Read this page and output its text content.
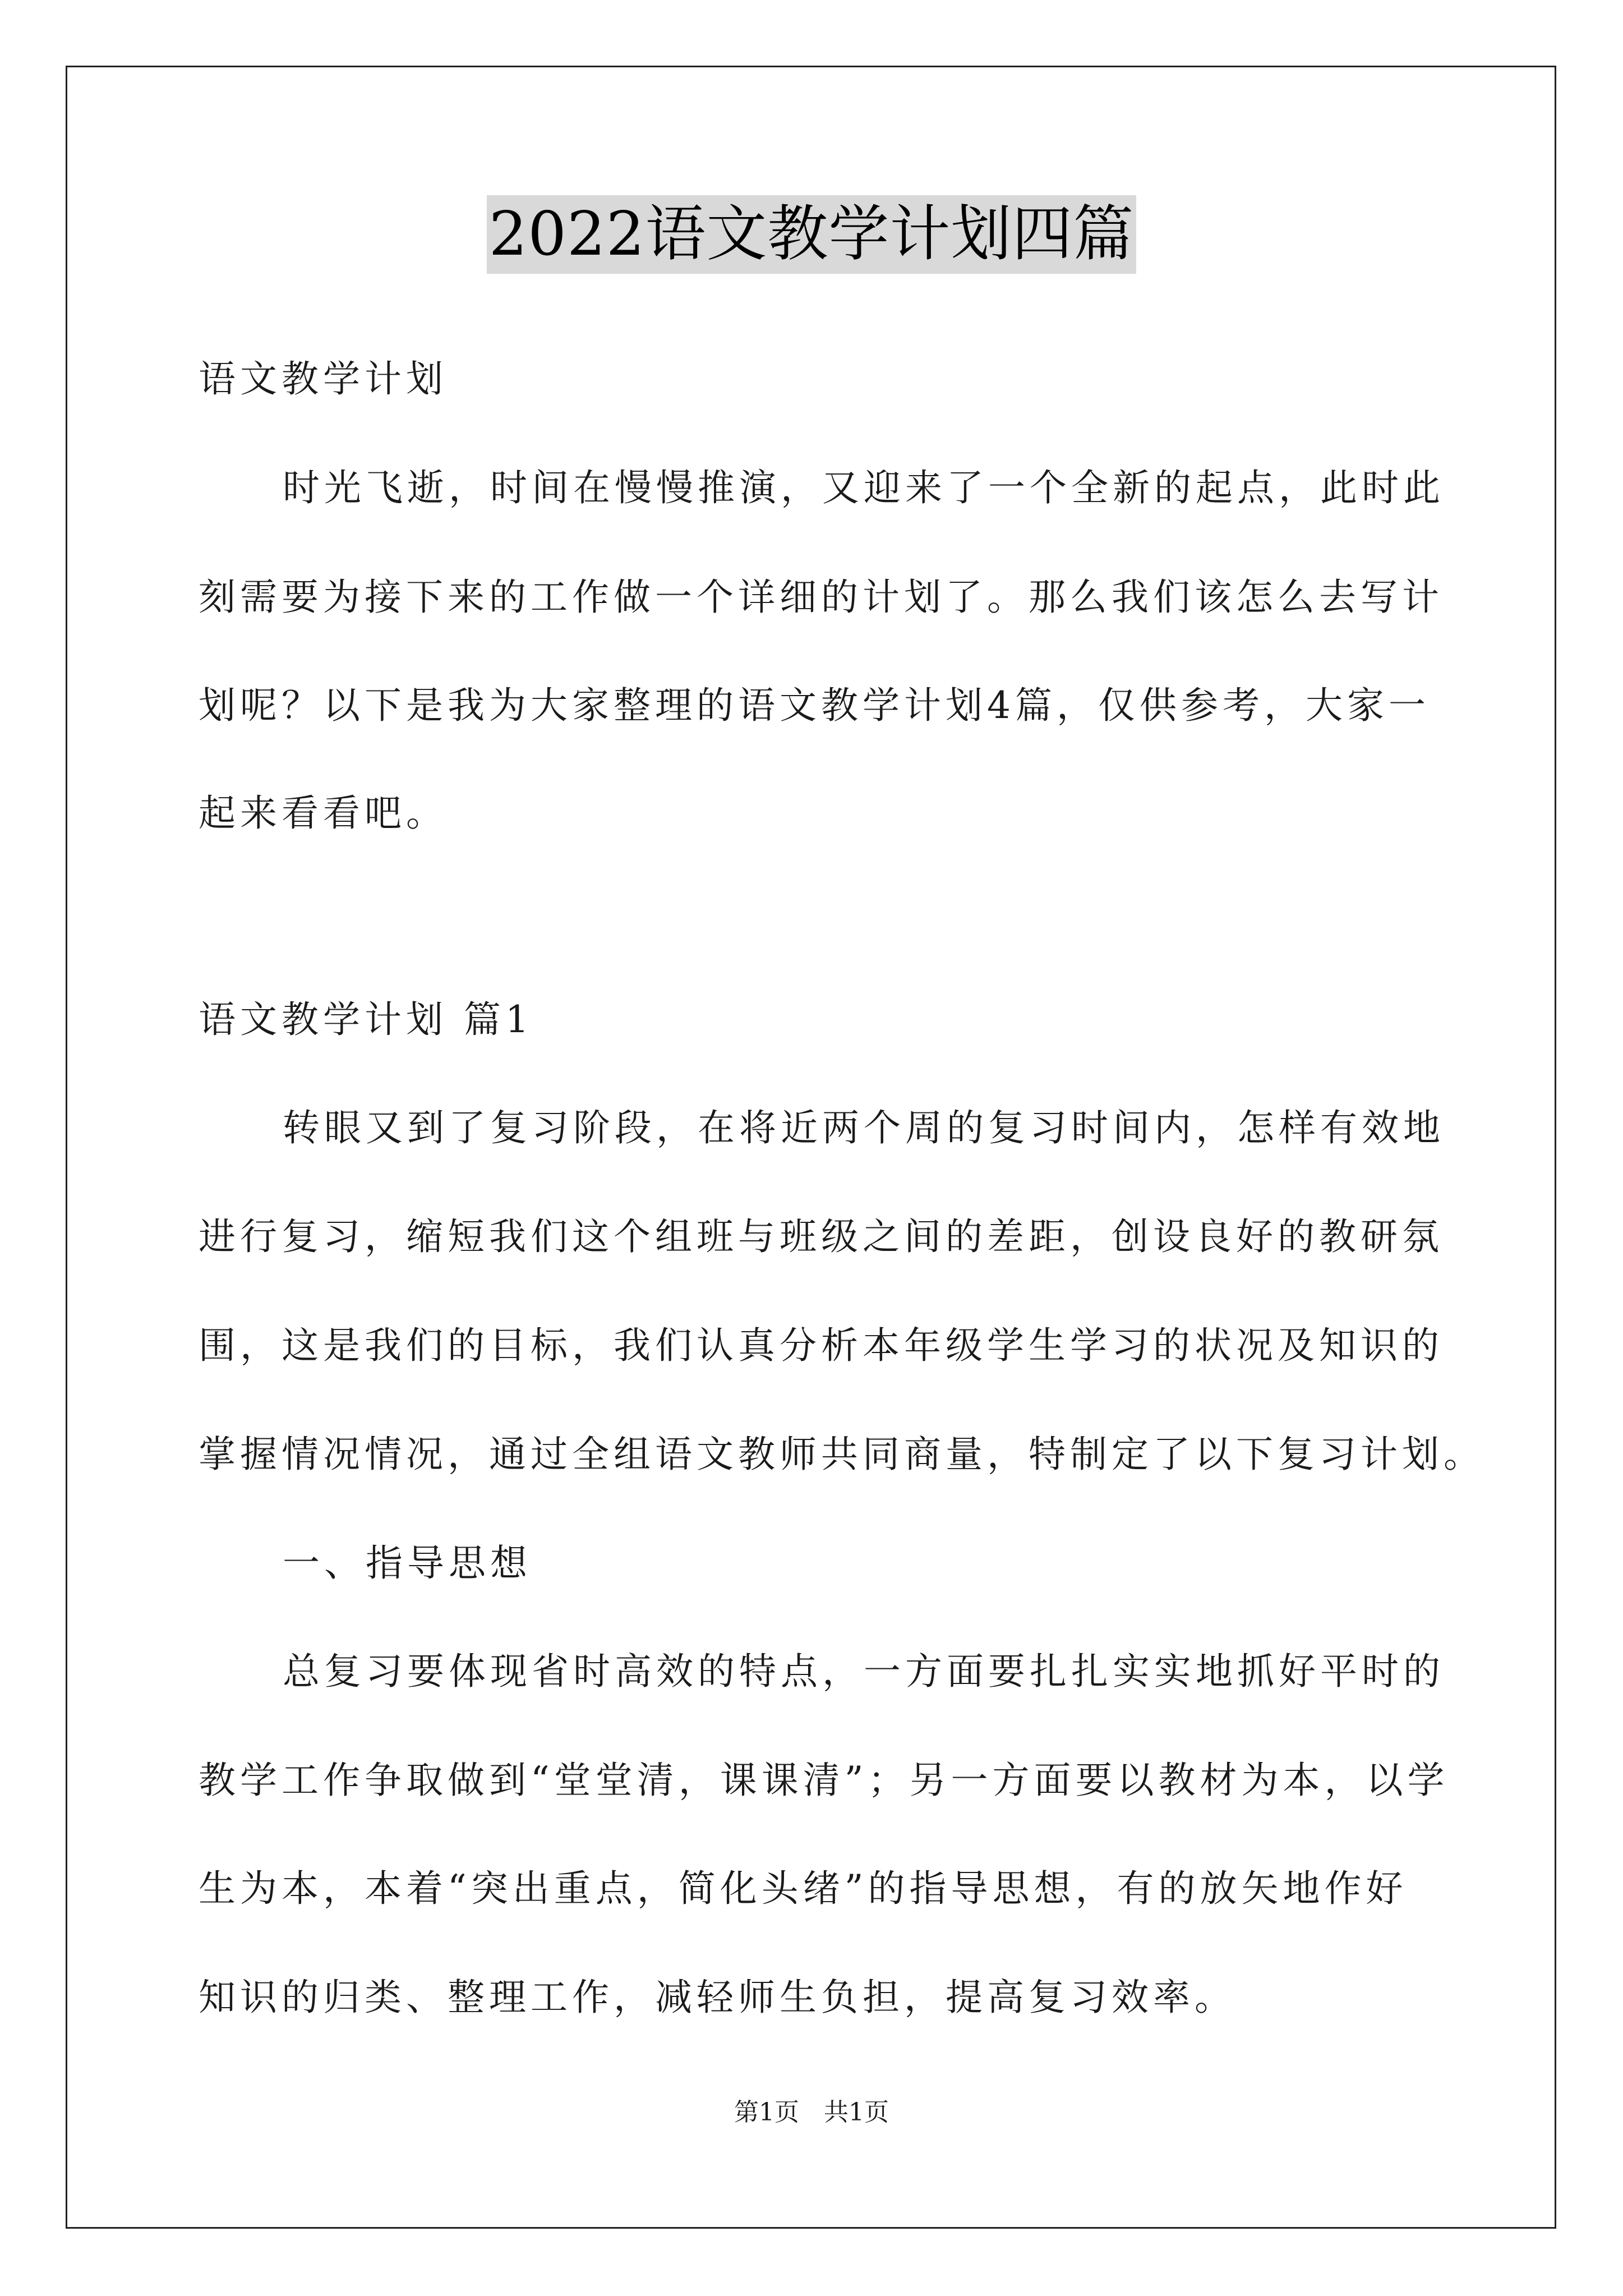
2022语文教学计划四篇
语文教学计划
时光飞逝，时间在慢慢推演，又迎来了一个全新的起点，此时此
刻需要为接下来的工作做一个详细的计划了。那么我们该怎么去写计
划呢？以下是我为大家整理的语文教学计划4篇，仅供参考，大家一
起来看看吧。
语文教学计划 篇1
转眼又到了复习阶段，在将近两个周的复习时间内，怎样有效地
进行复习，缩短我们这个组班与班级之间的差距，创设良好的教研氛
围，这是我们的目标，我们认真分析本年级学生学习的状况及知识的
掌握情况情况，通过全组语文教师共同商量，特制定了以下复习计划。
一、指导思想
总复习要体现省时高效的特点，一方面要扎扎实实地抓好平时的
教学工作争取做到“堂堂清，课课清”；另一方面要以教材为本，以学
生为本，本着“突出重点，简化头绪”的指导思想，有的放矢地作好
知识的归类、整理工作，减轻师生负担，提高复习效率。
第1页　共1页
